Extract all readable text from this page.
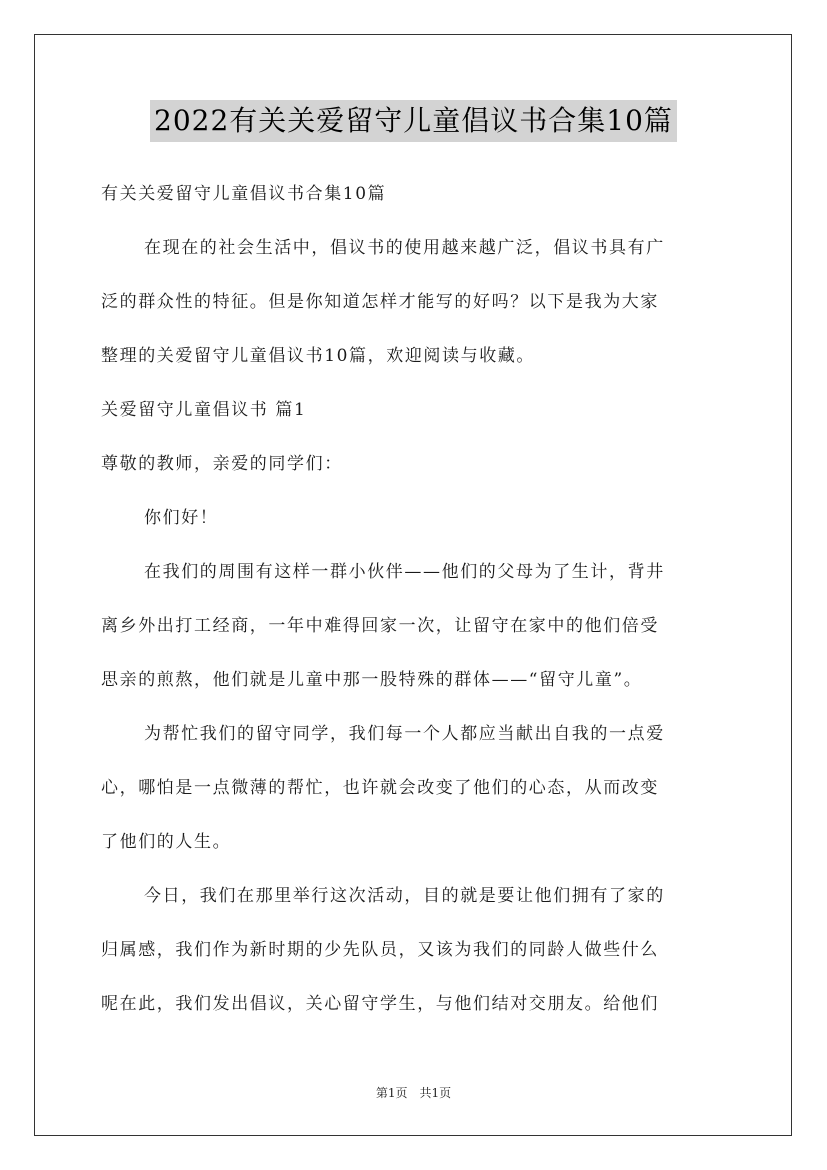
2022有关关爱留守儿童倡议书合集10篇
有关关爱留守儿童倡议书合集10篇
在现在的社会生活中，倡议书的使用越来越广泛，倡议书具有广
泛的群众性的特征。但是你知道怎样才能写的好吗？以下是我为大家
整理的关爱留守儿童倡议书10篇，欢迎阅读与收藏。
关爱留守儿童倡议书 篇1
尊敬的教师，亲爱的同学们：
你们好！
在我们的周围有这样一群小伙伴——他们的父母为了生计，背井
离乡外出打工经商，一年中难得回家一次，让留守在家中的他们倍受
思亲的煎熬，他们就是儿童中那一股特殊的群体——“留守儿童”。
为帮忙我们的留守同学，我们每一个人都应当献出自我的一点爱
心，哪怕是一点微薄的帮忙，也许就会改变了他们的心态，从而改变
了他们的人生。
今日，我们在那里举行这次活动，目的就是要让他们拥有了家的
归属感，我们作为新时期的少先队员，又该为我们的同龄人做些什么
呢在此，我们发出倡议，关心留守学生，与他们结对交朋友。给他们
第1页　共1页
